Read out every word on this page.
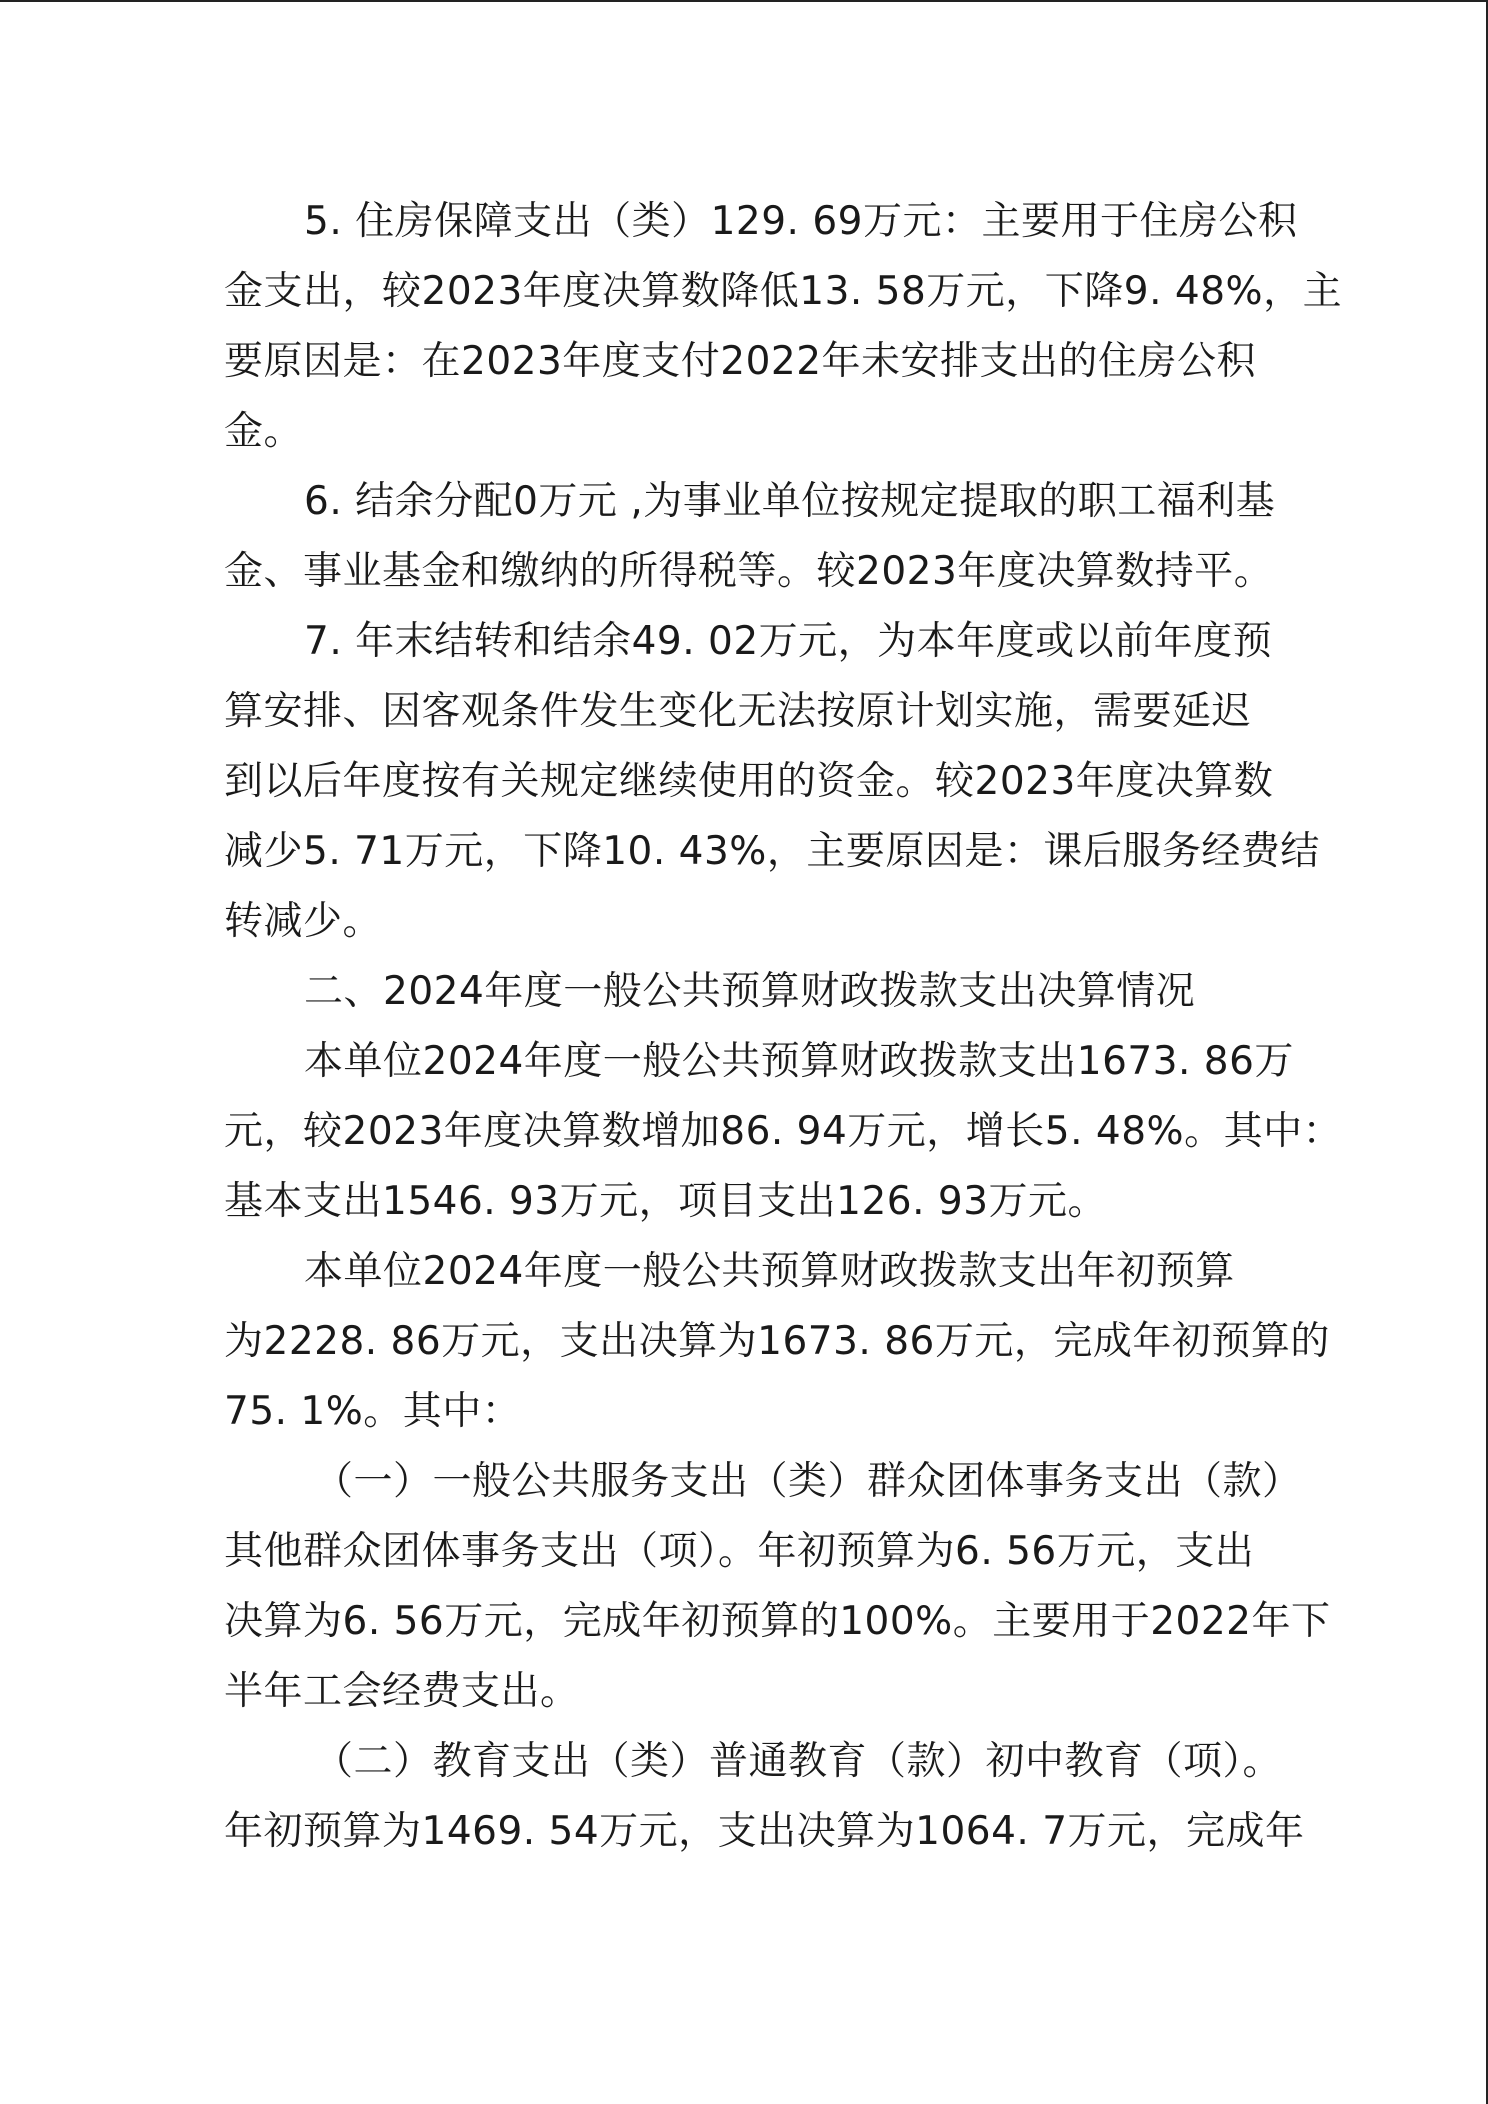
5. 住房保障支出（类）129. 69万元：主要用于住房公积
金支出，较2023年度决算数降低13. 58万元，下降9. 48%，主
要原因是：在2023年度支付2022年未安排支出的住房公积
金。

6. 结余分配0万元 ,为事业单位按规定提取的职工福利基
金、事业基金和缴纳的所得税等。较2023年度决算数持平。

7. 年末结转和结余49. 02万元，为本年度或以前年度预
算安排、因客观条件发生变化无法按原计划实施，需要延迟
到以后年度按有关规定继续使用的资金。较2023年度决算数
减少5. 71万元，下降10. 43%，主要原因是：课后服务经费结
转减少。

二、2024年度一般公共预算财政拨款支出决算情况

本单位2024年度一般公共预算财政拨款支出1673. 86万
元，较2023年度决算数增加86. 94万元，增长5. 48%。其中：
基本支出1546. 93万元，项目支出126. 93万元。

本单位2024年度一般公共预算财政拨款支出年初预算
为2228. 86万元，支出决算为1673. 86万元，完成年初预算的
75. 1%。其中：

（一）一般公共服务支出（类）群众团体事务支出（款）
其他群众团体事务支出（项）。年初预算为6. 56万元，支出
决算为6. 56万元，完成年初预算的100%。主要用于2022年下
半年工会经费支出。

（二）教育支出（类）普通教育（款）初中教育（项）。
年初预算为1469. 54万元，支出决算为1064. 7万元，完成年
